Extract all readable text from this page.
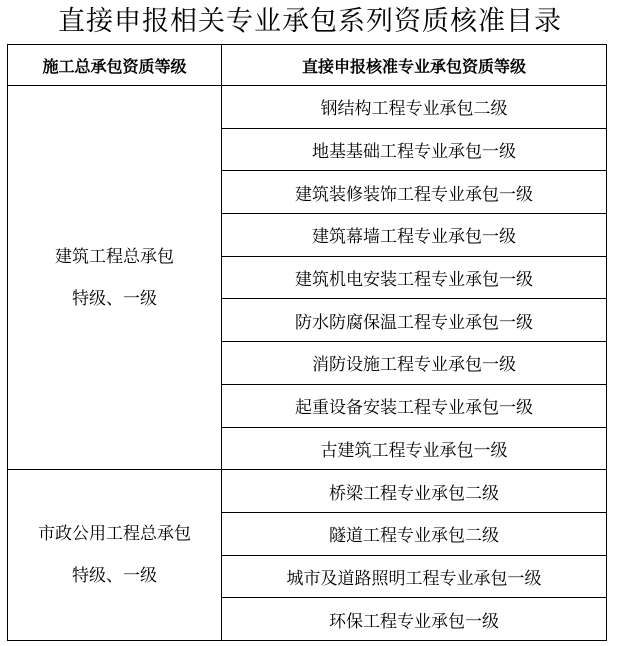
直接申报相关专业承包系列资质核准目录
施工总承包资质等级	直接申报核准专业承包资质等级

建筑工程总承包
特级、一级	钢结构工程专业承包二级
	地基基础工程专业承包一级
	建筑装修装饰工程专业承包一级
	建筑幕墙工程专业承包一级
	建筑机电安装工程专业承包一级
	防水防腐保温工程专业承包一级
	消防设施工程专业承包一级
	起重设备安装工程专业承包一级
	古建筑工程专业承包一级

市政公用工程总承包
特级、一级	桥梁工程专业承包二级
	隧道工程专业承包二级
	城市及道路照明工程专业承包一级
	环保工程专业承包一级
